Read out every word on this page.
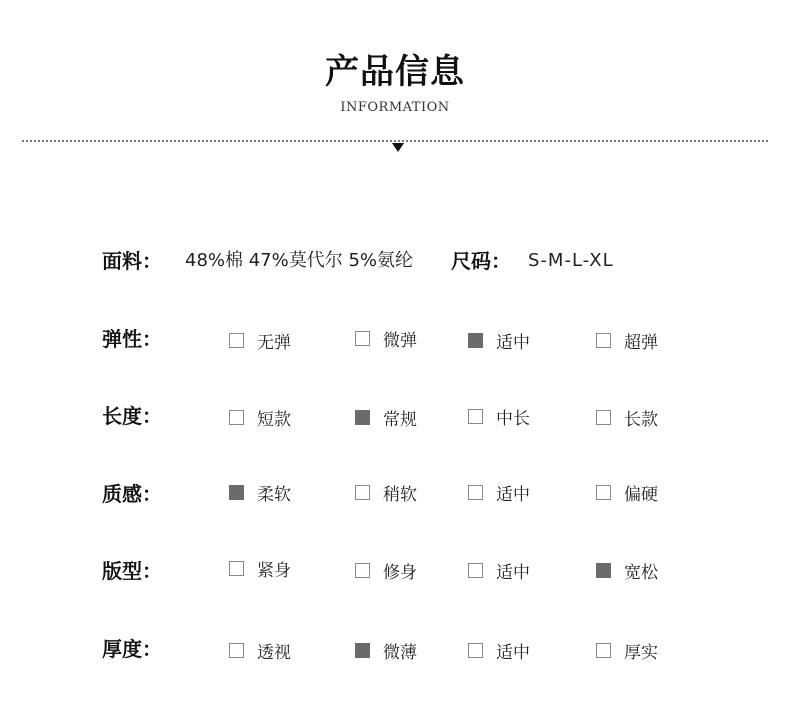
产品信息
INFORMATION
面料： 48%棉 47%莫代尔 5%氨纶 尺码： S-M-L-XL
弹性：	无弹	微弹	适中	超弹
长度：	短款	常规	中长	长款
质感：	柔软	稍软	适中	偏硬
版型：	紧身	修身	适中	宽松
厚度：	透视	微薄	适中	厚实
